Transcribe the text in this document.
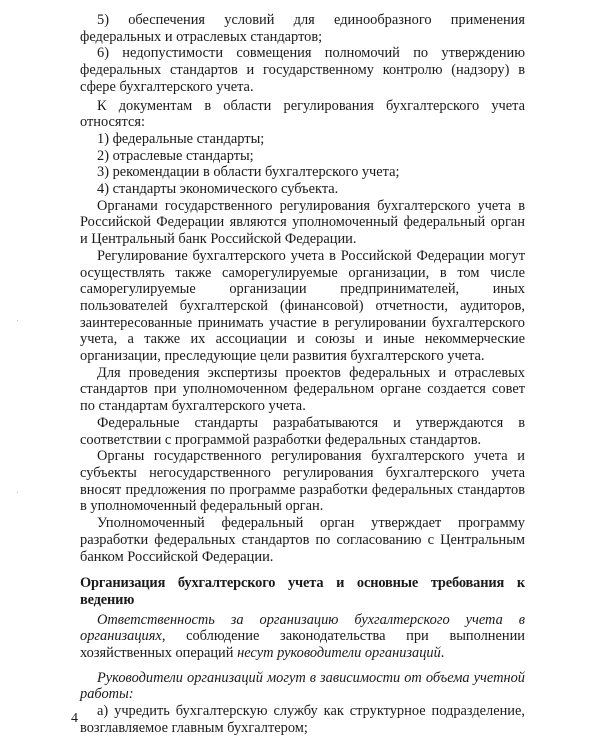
5) обеспечения условий для единообразного применения федеральных и отраслевых стандартов;

6) недопустимости совмещения полномочий по утверждению федеральных стандартов и государственному контролю (надзору) в сфере бухгалтерского учета.

К документам в области регулирования бухгалтерского учета относятся:

1) федеральные стандарты;

2) отраслевые стандарты;

3) рекомендации в области бухгалтерского учета;

4) стандарты экономического субъекта.

Органами государственного регулирования бухгалтерского учета в Российской Федерации являются уполномоченный федеральный орган и Центральный банк Российской Федерации.

Регулирование бухгалтерского учета в Российской Федерации могут осуществлять также саморегулируемые организации, в том числе саморегулируемые организации предпринимателей, иных пользователей бухгалтерской (финансовой) отчетности, аудиторов, заинтересованные принимать участие в регулировании бухгалтерского учета, а также их ассоциации и союзы и иные некоммерческие организации, преследующие цели развития бухгалтерского учета.

Для проведения экспертизы проектов федеральных и отраслевых стандартов при уполномоченном федеральном органе создается совет по стандартам бухгалтерского учета.

Федеральные стандарты разрабатываются и утверждаются в соответствии с программой разработки федеральных стандартов.

Органы государственного регулирования бухгалтерского учета и субъекты негосударственного регулирования бухгалтерского учета вносят предложения по программе разработки федеральных стандартов в уполномоченный федеральный орган.

Уполномоченный федеральный орган утверждает программу разработки федеральных стандартов по согласованию с Центральным банком Российской Федерации.

Организация бухгалтерского учета и основные требования к ведению

Ответственность за организацию бухгалтерского учета в организациях, соблюдение законодательства при выполнении хозяйственных операций несут руководители организаций.

Руководители организаций могут в зависимости от объема учетной работы:

а) учредить бухгалтерскую службу как структурное подразделение, возглавляемое главным бухгалтером;

4
